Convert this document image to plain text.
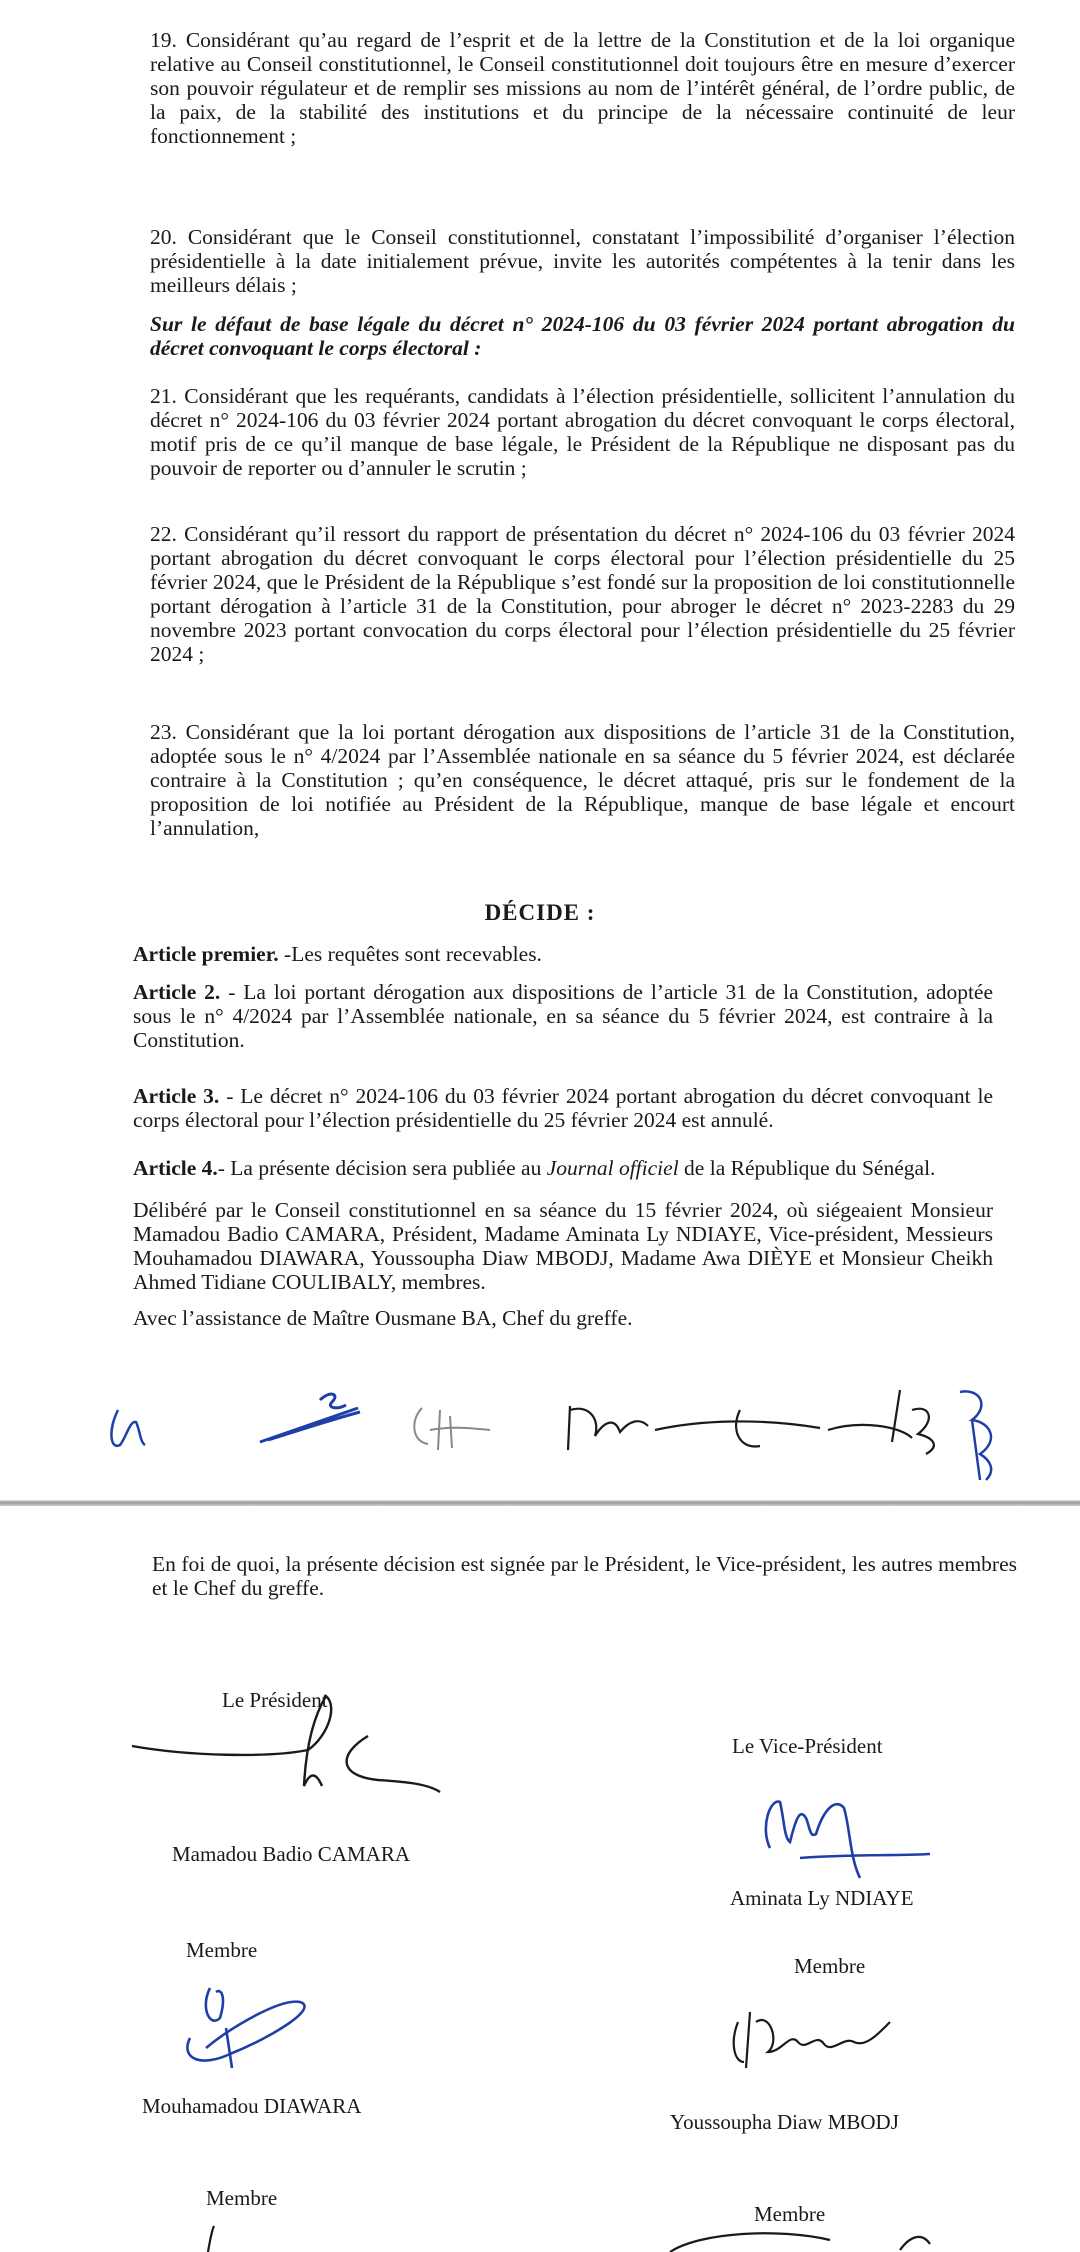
19. Considérant qu’au regard de l’esprit et de la lettre de la Constitution et de la loi organique relative au Conseil constitutionnel, le Conseil constitutionnel doit toujours être en mesure d’exercer son pouvoir régulateur et de remplir ses missions au nom de l’intérêt général, de l’ordre public, de la paix, de la stabilité des institutions et du principe de la nécessaire continuité de leur fonctionnement ;

20. Considérant que le Conseil constitutionnel, constatant l’impossibilité d’organiser l’élection présidentielle à la date initialement prévue, invite les autorités compétentes à la tenir dans les meilleurs délais ;

Sur le défaut de base légale du décret n° 2024-106 du 03 février 2024 portant abrogation du décret convoquant le corps électoral :

21. Considérant que les requérants, candidats à l’élection présidentielle, sollicitent l’annulation du décret n° 2024-106 du 03 février 2024 portant abrogation du décret convoquant le corps électoral, motif pris de ce qu’il manque de base légale, le Président de la République ne disposant pas du pouvoir de reporter ou d’annuler le scrutin ;

22. Considérant qu’il ressort du rapport de présentation du décret n° 2024-106 du 03 février 2024 portant abrogation du décret convoquant le corps électoral pour l’élection présidentielle du 25 février 2024, que le Président de la République s’est fondé sur la proposition de loi constitutionnelle portant dérogation à l’article 31 de la Constitution, pour abroger le décret n° 2023-2283 du 29 novembre 2023 portant convocation du corps électoral pour l’élection présidentielle du 25 février 2024 ;

23. Considérant que la loi portant dérogation aux dispositions de l’article 31 de la Constitution, adoptée sous le n° 4/2024 par l’Assemblée nationale en sa séance du 5 février 2024, est déclarée contraire à la Constitution ; qu’en conséquence, le décret attaqué, pris sur le fondement de la proposition de loi notifiée au Président de la République, manque de base légale et encourt l’annulation,

DÉCIDE :

Article premier. -Les requêtes sont recevables.

Article 2. - La loi portant dérogation aux dispositions de l’article 31 de la Constitution, adoptée sous le n° 4/2024 par l’Assemblée nationale, en sa séance du 5 février 2024, est contraire à la Constitution.

Article 3. - Le décret n° 2024-106 du 03 février 2024 portant abrogation du décret convoquant le corps électoral pour l’élection présidentielle du 25 février 2024 est annulé.

Article 4.- La présente décision sera publiée au Journal officiel de la République du Sénégal.

Délibéré par le Conseil constitutionnel en sa séance du 15 février 2024, où siégeaient Monsieur Mamadou Badio CAMARA, Président, Madame Aminata Ly NDIAYE, Vice-président, Messieurs Mouhamadou DIAWARA, Youssoupha Diaw MBODJ, Madame Awa DIÈYE et Monsieur Cheikh Ahmed Tidiane COULIBALY, membres.

Avec l’assistance de Maître Ousmane BA, Chef du greffe.

En foi de quoi, la présente décision est signée par le Président, le Vice-président, les autres membres et le Chef du greffe.

Le Président
Mamadou Badio CAMARA
Le Vice-Président
Aminata Ly NDIAYE
Membre
Mouhamadou DIAWARA
Membre
Youssoupha Diaw MBODJ
Membre
Membre
